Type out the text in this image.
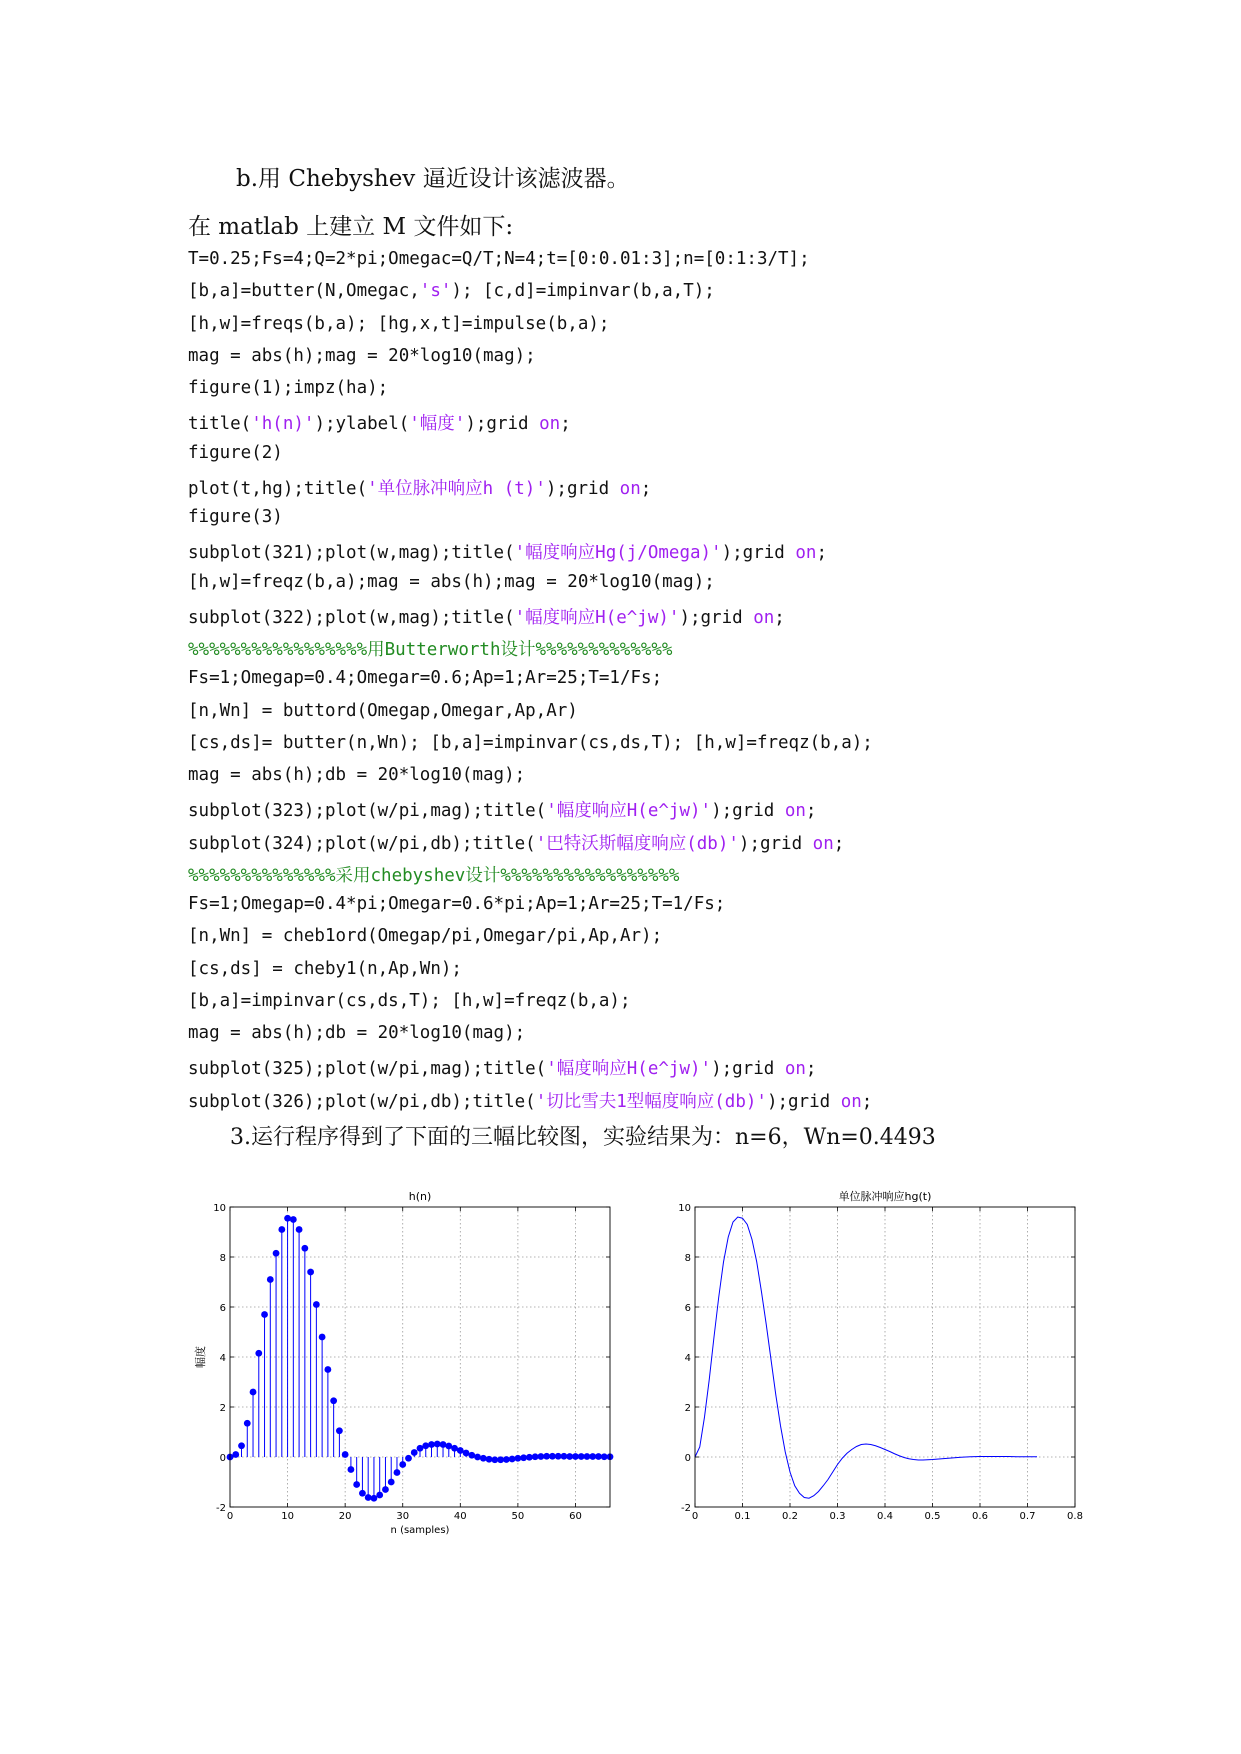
b.用 Chebyshev 逼近设计该滤波器。
在 matlab 上建立 M 文件如下:
T=0.25;Fs=4;Q=2*pi;Omegac=Q/T;N=4;t=[0:0.01:3];n=[0:1:3/T];
[b,a]=butter(N,Omegac,'s'); [c,d]=impinvar(b,a,T);
[h,w]=freqs(b,a); [hg,x,t]=impulse(b,a);
mag = abs(h);mag = 20*log10(mag);
figure(1);impz(ha);
title('h(n)');ylabel('幅度');grid on;
figure(2)
plot(t,hg);title('单位脉冲响应h (t)');grid on;
figure(3)
subplot(321);plot(w,mag);title('幅度响应Hg(j/Omega)');grid on;
[h,w]=freqz(b,a);mag = abs(h);mag = 20*log10(mag);
subplot(322);plot(w,mag);title('幅度响应H(e^jw)');grid on;
%%%%%%%%%%%%%%%%%用Butterworth设计%%%%%%%%%%%%%
Fs=1;Omegap=0.4;Omegar=0.6;Ap=1;Ar=25;T=1/Fs;
[n,Wn] = buttord(Omegap,Omegar,Ap,Ar)
[cs,ds]= butter(n,Wn); [b,a]=impinvar(cs,ds,T); [h,w]=freqz(b,a);
mag = abs(h);db = 20*log10(mag);
subplot(323);plot(w/pi,mag);title('幅度响应H(e^jw)');grid on;
subplot(324);plot(w/pi,db);title('巴特沃斯幅度响应(db)');grid on;
%%%%%%%%%%%%%%采用chebyshev设计%%%%%%%%%%%%%%%%%
Fs=1;Omegap=0.4*pi;Omegar=0.6*pi;Ap=1;Ar=25;T=1/Fs;
[n,Wn] = cheb1ord(Omegap/pi,Omegar/pi,Ap,Ar);
[cs,ds] = cheby1(n,Ap,Wn);
[b,a]=impinvar(cs,ds,T); [h,w]=freqz(b,a);
mag = abs(h);db = 20*log10(mag);
subplot(325);plot(w/pi,mag);title('幅度响应H(e^jw)');grid on;
subplot(326);plot(w/pi,db);title('切比雪夫1型幅度响应(db)');grid on;
3.运行程序得到了下面的三幅比较图，实验结果为：n=6，Wn=0.4493
0	10	20	30	40	50	60
-2
0
2
4
6
8
10
h(n)
n (samples)
幅度
0	0.1	0.2	0.3	0.4	0.5	0.6	0.7	0.8
-2
0
2
4
6
8
10
单位脉冲响应hg(t)
